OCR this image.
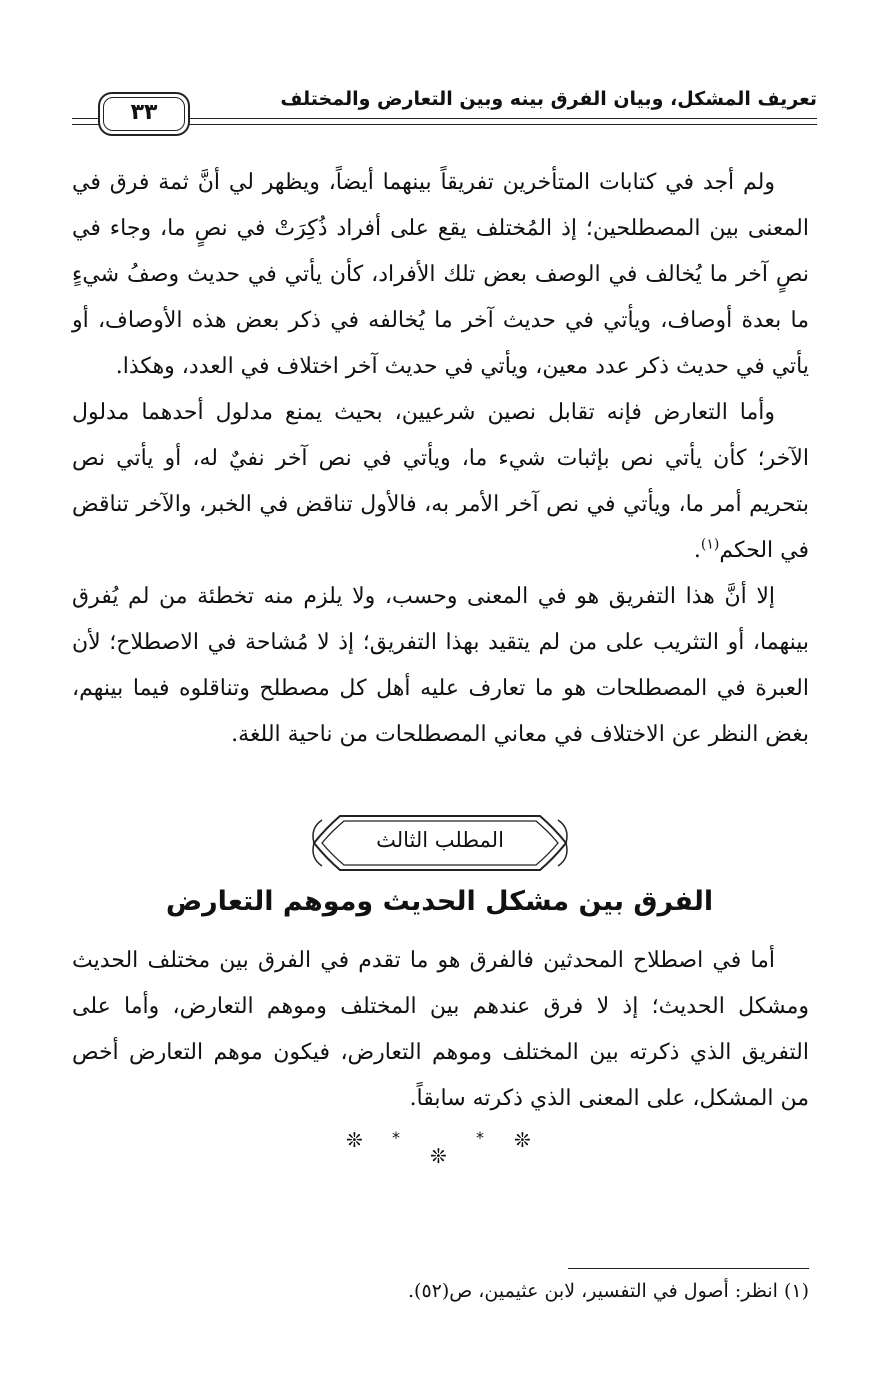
تعريف المشكل، وبيان الفرق بينه وبين التعارض والمختلف
٣٣

ولم أجد في كتابات المتأخرين تفريقاً بينهما أيضاً، ويظهر لي أنَّ ثمة فرق في المعنى بين المصطلحين؛ إذ المُختلف يقع على أفراد ذُكِرَتْ في نصٍ ما، وجاء في نصٍ آخر ما يُخالف في الوصف بعض تلك الأفراد، كأن يأتي في حديث وصفُ شيءٍ ما بعدة أوصاف، ويأتي في حديث آخر ما يُخالفه في ذكر بعض هذه الأوصاف، أو يأتي في حديث ذكر عدد معين، ويأتي في حديث آخر اختلاف في العدد، وهكذا.

وأما التعارض فإنه تقابل نصين شرعيين، بحيث يمنع مدلول أحدهما مدلول الآخر؛ كأن يأتي نص بإثبات شيء ما، ويأتي في نص آخر نفيٌ له، أو يأتي نص بتحريم أمر ما، ويأتي في نص آخر الأمر به، فالأول تناقض في الخبر، والآخر تناقض في الحكم$^{(١)}$.

إلا أنَّ هذا التفريق هو في المعنى وحسب، ولا يلزم منه تخطئة من لم يُفرق بينهما، أو التثريب على من لم يتقيد بهذا التفريق؛ إذ لا مُشاحة في الاصطلاح؛ لأن العبرة في المصطلحات هو ما تعارف عليه أهل كل مصطلح وتناقلوه فيما بينهم، بغض النظر عن الاختلاف في معاني المصطلحات من ناحية اللغة.

المطلب الثالث
الفرق بين مشكل الحديث وموهم التعارض

أما في اصطلاح المحدثين فالفرق هو ما تقدم في الفرق بين مختلف الحديث ومشكل الحديث؛ إذ لا فرق عندهم بين المختلف وموهم التعارض، وأما على التفريق الذي ذكرته بين المختلف وموهم التعارض، فيكون موهم التعارض أخص من المشكل، على المعنى الذي ذكرته سابقاً.

❊ *
❊
* ❊
(١) انظر: أصول في التفسير، لابن عثيمين، ص(٥٢).
